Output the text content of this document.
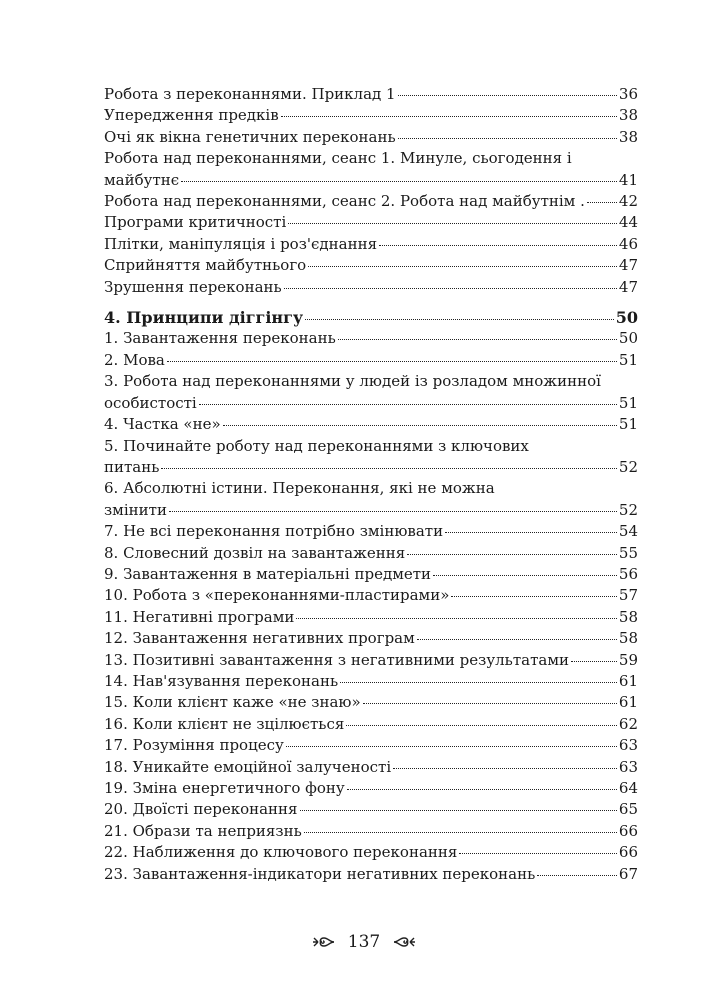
Робота з переконаннями. Приклад 1	36
Упередження предків	38
Очі як вікна генетичних переконань	38
Робота над переконаннями, сеанс 1. Минуле, сьогодення і
майбутнє	41
Робота над переконаннями, сеанс 2. Робота над майбутнім . 42
Програми критичності	44
Плітки, маніпуляція і роз'єднання	46
Сприйняття майбутнього	47
Зрушення переконань	47
4. Принципи діггінгу	50
1. Завантаження переконань	50
2. Мова	51
3. Робота над переконаннями у людей із розладом множинної
особистості	51
4. Частка «не»	51
5. Починайте роботу над переконаннями з ключових
питань	52
6. Абсолютні істини. Переконання, які не можна
змінити	52
7. Не всі переконання потрібно змінювати	54
8. Словесний дозвіл на завантаження	55
9. Завантаження в матеріальні предмети	56
10. Робота з «переконаннями-пластирами»	57
11. Негативні програми	58
12. Завантаження негативних програм	58
13. Позитивні завантаження з негативними результатами	59
14. Нав'язування переконань	61
15. Коли клієнт каже «не знаю»	61
16. Коли клієнт не зцілюється	62
17. Розуміння процесу	63
18. Уникайте емоційної залученості	63
19. Зміна енергетичного фону	64
20. Двоїсті переконання	65
21. Образи та неприязнь	66
22. Наближення до ключового переконання	66
23. Завантаження-індикатори негативних переконань	67
137
